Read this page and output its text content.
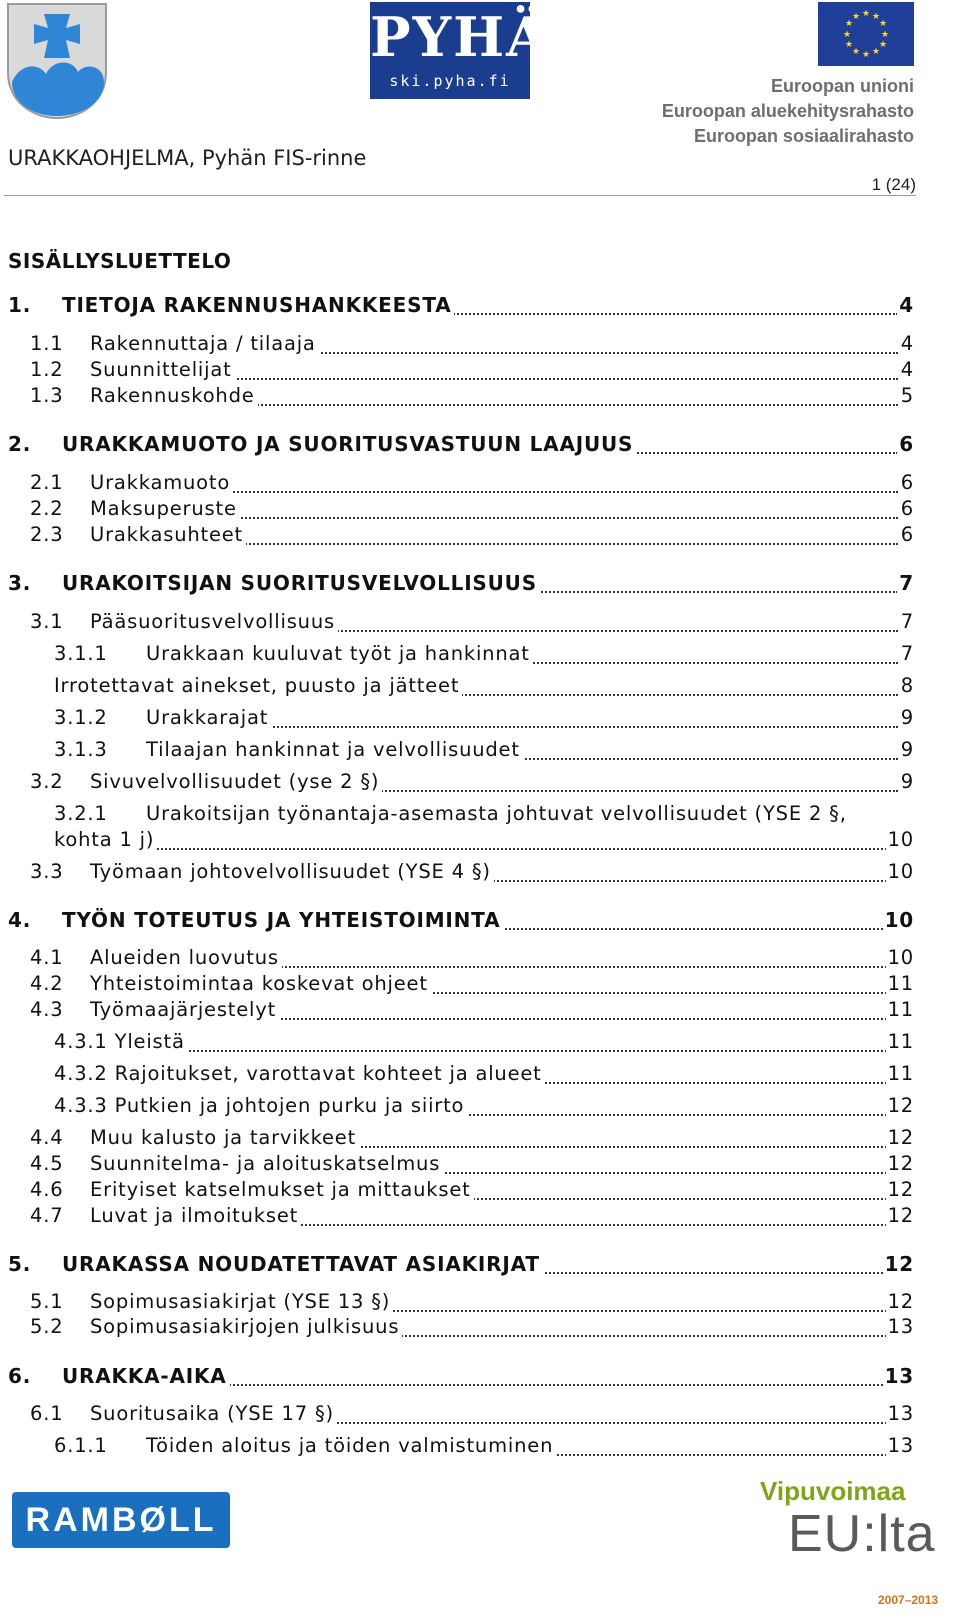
PYHÄ
ski.pyha.fi
★ ★
★
★
★
★
★
★
★
★
★
★
Euroopan unioni
Euroopan aluekehitysrahasto
Euroopan sosiaalirahasto
URAKKAOHJELMA, Pyhän FIS-rinne
1 (24)
SISÄLLYSLUETTELO
1. TIETOJA RAKENNUSHANKKEESTA	4
1.1 Rakennuttaja / tilaaja	4
1.2 Suunnittelijat	4
1.3 Rakennuskohde	5
2. URAKKAMUOTO JA SUORITUSVASTUUN LAAJUUS	6
2.1 Urakkamuoto	6
2.2 Maksuperuste	6
2.3 Urakkasuhteet	6
3. URAKOITSIJAN SUORITUSVELVOLLISUUS	7
3.1 Pääsuoritusvelvollisuus	7
3.1.1 Urakkaan kuuluvat työt ja hankinnat	7
Irrotettavat ainekset, puusto ja jätteet	8
3.1.2 Urakkarajat	9
3.1.3 Tilaajan hankinnat ja velvollisuudet	9
3.2 Sivuvelvollisuudet (yse 2 §)	9
3.2.1 Urakoitsijan työnantaja-asemasta johtuvat velvollisuudet (YSE 2 §,
kohta 1 j)	10
3.3 Työmaan johtovelvollisuudet (YSE 4 §)	10
4. TYÖN TOTEUTUS JA YHTEISTOIMINTA	10
4.1 Alueiden luovutus	10
4.2 Yhteistoimintaa koskevat ohjeet	11
4.3 Työmaajärjestelyt	11
4.3.1 Yleistä	11
4.3.2 Rajoitukset, varottavat kohteet ja alueet	11
4.3.3 Putkien ja johtojen purku ja siirto	12
4.4 Muu kalusto ja tarvikkeet	12
4.5 Suunnitelma- ja aloituskatselmus	12
4.6 Erityiset katselmukset ja mittaukset	12
4.7 Luvat ja ilmoitukset	12
5. URAKASSA NOUDATETTAVAT ASIAKIRJAT	12
5.1 Sopimusasiakirjat (YSE 13 §)	12
5.2 Sopimusasiakirjojen julkisuus	13
6. URAKKA-AIKA	13
6.1 Suoritusaika (YSE 17 §)	13
6.1.1 Töiden aloitus ja töiden valmistuminen	13
RAMBØLL
Vipuvoimaa
EU:lta
2007–2013
